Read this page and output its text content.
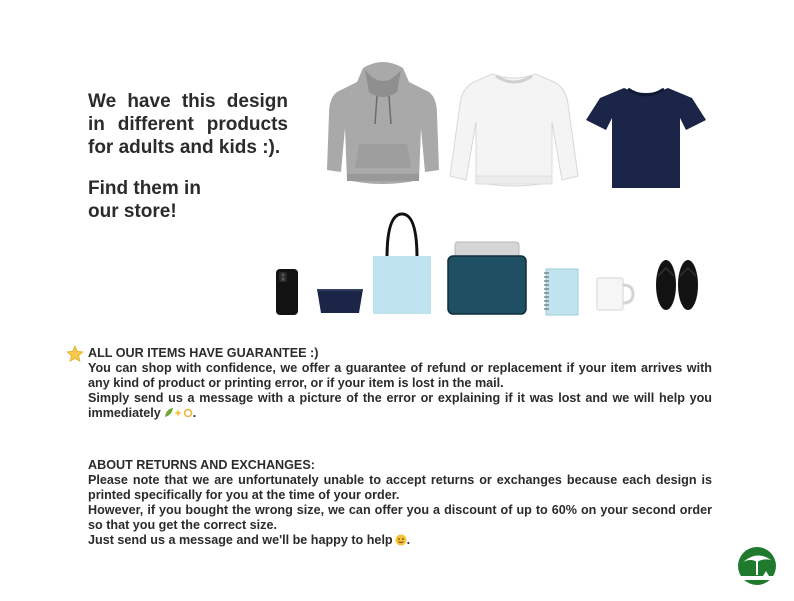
We have this design in different products for adults and kids :).
Find them in our store!
ALL OUR ITEMS HAVE GUARANTEE :)

You can shop with confidence, we offer a guarantee of refund or replacement if your item arrives with any kind of product or printing error, or if your item is lost in the mail.

Simply send us a message with a picture of the error or explaining if it was lost and we will help you immediately	.

ABOUT RETURNS AND EXCHANGES:

Please note that we are unfortunately unable to accept returns or exchanges because each design is printed specifically for you at the time of your order.

However, if you bought the wrong size, we can offer you a discount of up to 60% on your second order so that you get the correct size.

Just send us a message and we'll be happy to help .
